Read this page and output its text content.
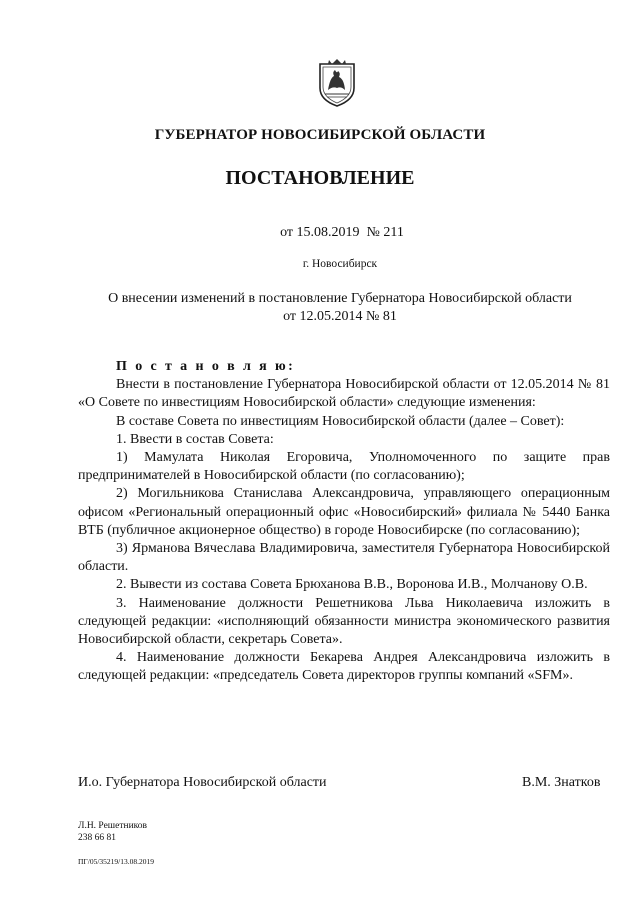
ГУБЕРНАТОР НОВОСИБИРСКОЙ ОБЛАСТИ
ПОСТАНОВЛЕНИЕ
от 15.08.2019  № 211
г. Новосибирск
О внесении изменений в постановление Губернатора Новосибирской области
от 12.05.2014 № 81

П о с т а н о в л я ю:

Внести в постановление Губернатора Новосибирской области от 12.05.2014 № 81 «О Совете по инвестициям Новосибирской области» следующие изменения:

В составе Совета по инвестициям Новосибирской области (далее – Совет):

1. Ввести в состав Совета:

1) Мамулата Николая Егоровича, Уполномоченного по защите прав предпринимателей в Новосибирской области (по согласованию);

2) Могильникова Станислава Александровича, управляющего операционным офисом «Региональный операционный офис «Новосибирский» филиала № 5440 Банка ВТБ (публичное акционерное общество) в городе Новосибирске (по согласованию);

3) Ярманова Вячеслава Владимировича, заместителя Губернатора Новосибирской области.

2. Вывести из состава Совета Брюханова В.В., Воронова И.В., Молчанову О.В.

3. Наименование должности Решетникова Льва Николаевича изложить в следующей редакции: «исполняющий обязанности министра экономического развития Новосибирской области, секретарь Совета».

4. Наименование должности Бекарева Андрея Александровича изложить в следующей редакции: «председатель Совета директоров группы компаний «SFM».

И.о. Губернатора Новосибирской области	В.М. Знатков
Л.Н. Решетников
238 66 81
ПГ/05/35219/13.08.2019
